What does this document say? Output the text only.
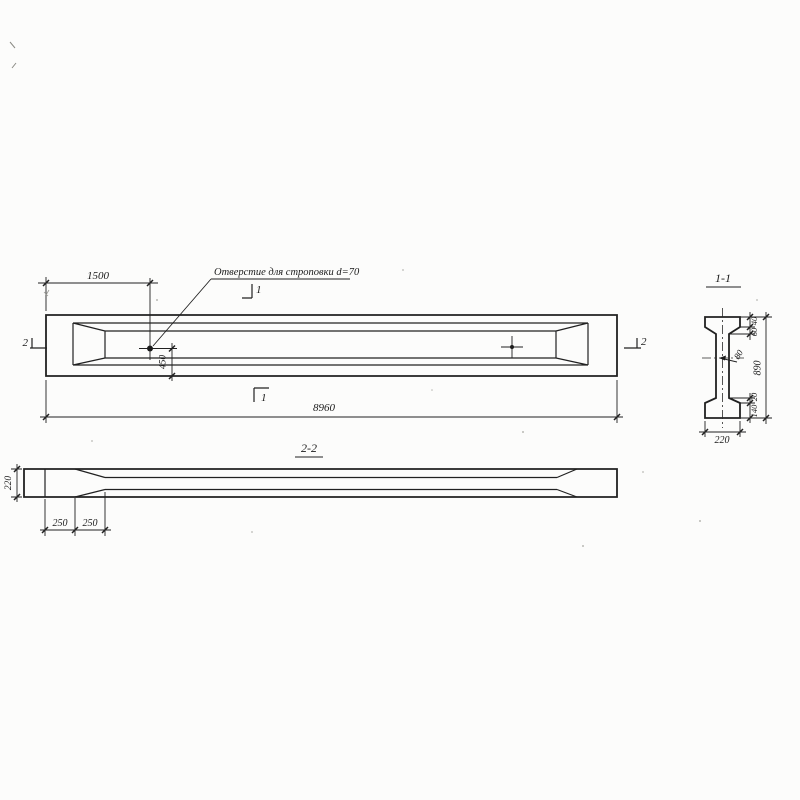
1500
450
Отверстие для строповки d=70
1
1
2	2
8960
1-1
80
40
60
20
140
890
220
2-2
220
250 250
